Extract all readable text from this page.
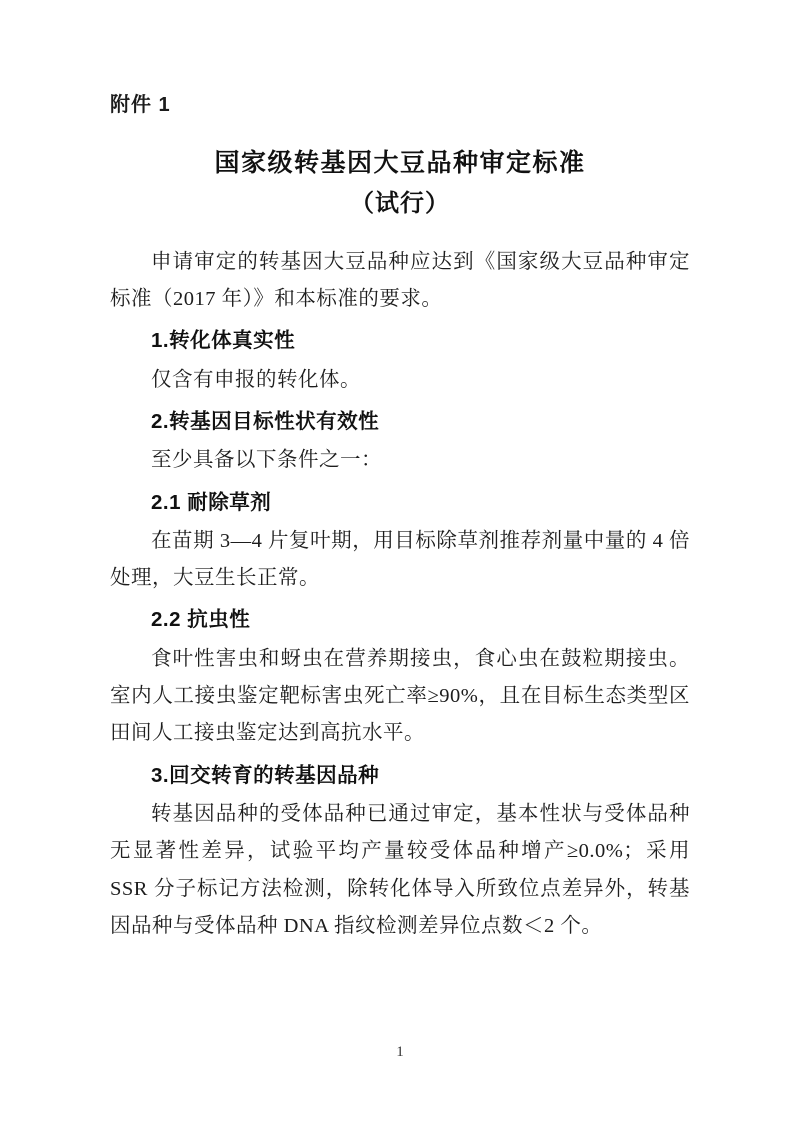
附件 1
国家级转基因大豆品种审定标准
（试行）

申请审定的转基因大豆品种应达到《国家级大豆品种审定标准（2017 年）》和本标准的要求。

1.转化体真实性

仅含有申报的转化体。

2.转基因目标性状有效性

至少具备以下条件之一：

2.1 耐除草剂

在苗期 3—4 片复叶期，用目标除草剂推荐剂量中量的 4 倍处理，大豆生长正常。

2.2 抗虫性

食叶性害虫和蚜虫在营养期接虫，食心虫在鼓粒期接虫。室内人工接虫鉴定靶标害虫死亡率≥90%，且在目标生态类型区田间人工接虫鉴定达到高抗水平。

3.回交转育的转基因品种

转基因品种的受体品种已通过审定，基本性状与受体品种无显著性差异，试验平均产量较受体品种增产≥0.0%；采用 SSR 分子标记方法检测，除转化体导入所致位点差异外，转基因品种与受体品种 DNA 指纹检测差异位点数＜2 个。

1
